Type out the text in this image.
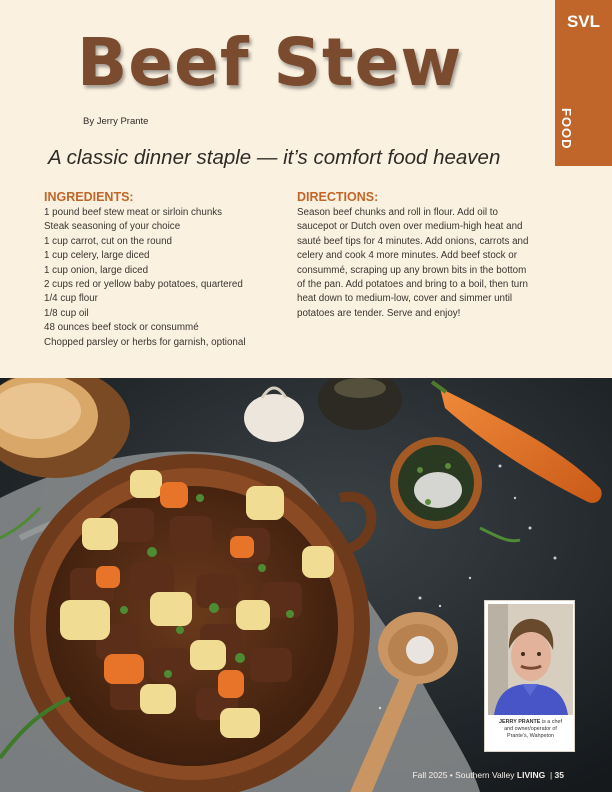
SVL
FOOD
Beef Stew
By Jerry Prante
A classic dinner staple — it’s comfort food heaven
INGREDIENTS:
1 pound beef stew meat or sirloin chunks
Steak seasoning of your choice
1 cup carrot, cut on the round
1 cup celery, large diced
1 cup onion, large diced
2 cups red or yellow baby potatoes, quartered
1/4 cup flour
1/8 cup oil
48 ounces beef stock or consummé
Chopped parsley or herbs for garnish, optional
DIRECTIONS:

Season beef chunks and roll in flour. Add oil to saucepot or Dutch oven over medium-high heat and sauté beef tips for 4 minutes. Add onions, carrots and celery and cook 4 more minutes. Add beef stock or consummé, scraping up any brown bits in the bottom of the pan. Add potatoes and bring to a boil, then turn heat down to medium-low, cover and simmer until potatoes are tender. Serve and enjoy!

JERRY PRANTE is a chef
and owner/operator of
Prante’s, Wahpeton
Fall 2025 • Southern Valley LIVING  | 35
